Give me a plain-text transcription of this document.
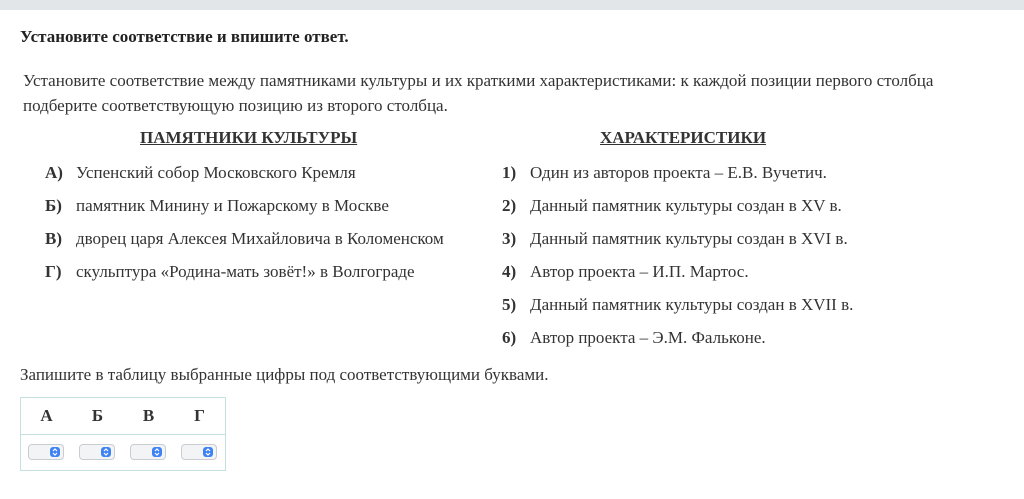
Установите соответствие и впишите ответ.
Установите соответствие между памятниками культуры и их краткими характеристиками: к каждой позиции первого столбца подберите соответствующую позицию из второго столбца.
ПАМЯТНИКИ КУЛЬТУРЫ	ХАРАКТЕРИСТИКИ
А) Успенский собор Московского Кремля
Б) памятник Минину и Пожарскому в Москве
В) дворец царя Алексея Михайловича в Коломенском
Г) скульптура «Родина-мать зовёт!» в Волгограде
1) Один из авторов проекта – Е.В. Вучетич.
2) Данный памятник культуры создан в XV в.
3) Данный памятник культуры создан в XVI в.
4) Автор проекта – И.П. Мартос.
5) Данный памятник культуры создан в XVII в.
6) Автор проекта – Э.М. Фальконе.
Запишите в таблицу выбранные цифры под соответствующими буквами.
А	Б	В	Г
